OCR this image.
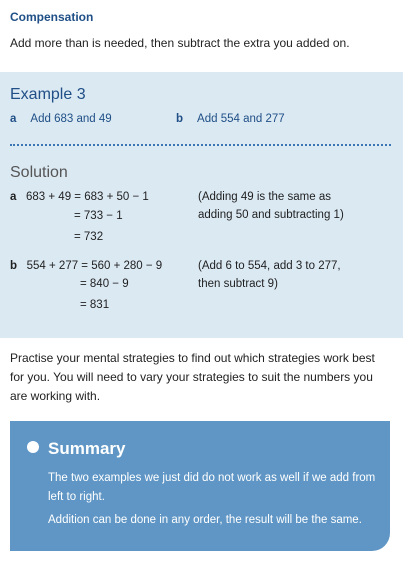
Compensation
Add more than is needed, then subtract the extra you added on.
Example 3
a Add 683 and 49	b Add 554 and 277
Solution
a 683 + 49 = 683 + 50 − 1
= 733 − 1
= 732
(Adding 49 is the same as
adding 50 and subtracting 1)
b 554 + 277 = 560 + 280 − 9
= 840 − 9
= 831
(Add 6 to 554, add 3 to 277,
then subtract 9)
Practise your mental strategies to find out which strategies work best for you. You will need to vary your strategies to suit the numbers you are working with.
Summary
The two examples we just did do not work as well if we add from left to right.
Addition can be done in any order, the result will be the same.
